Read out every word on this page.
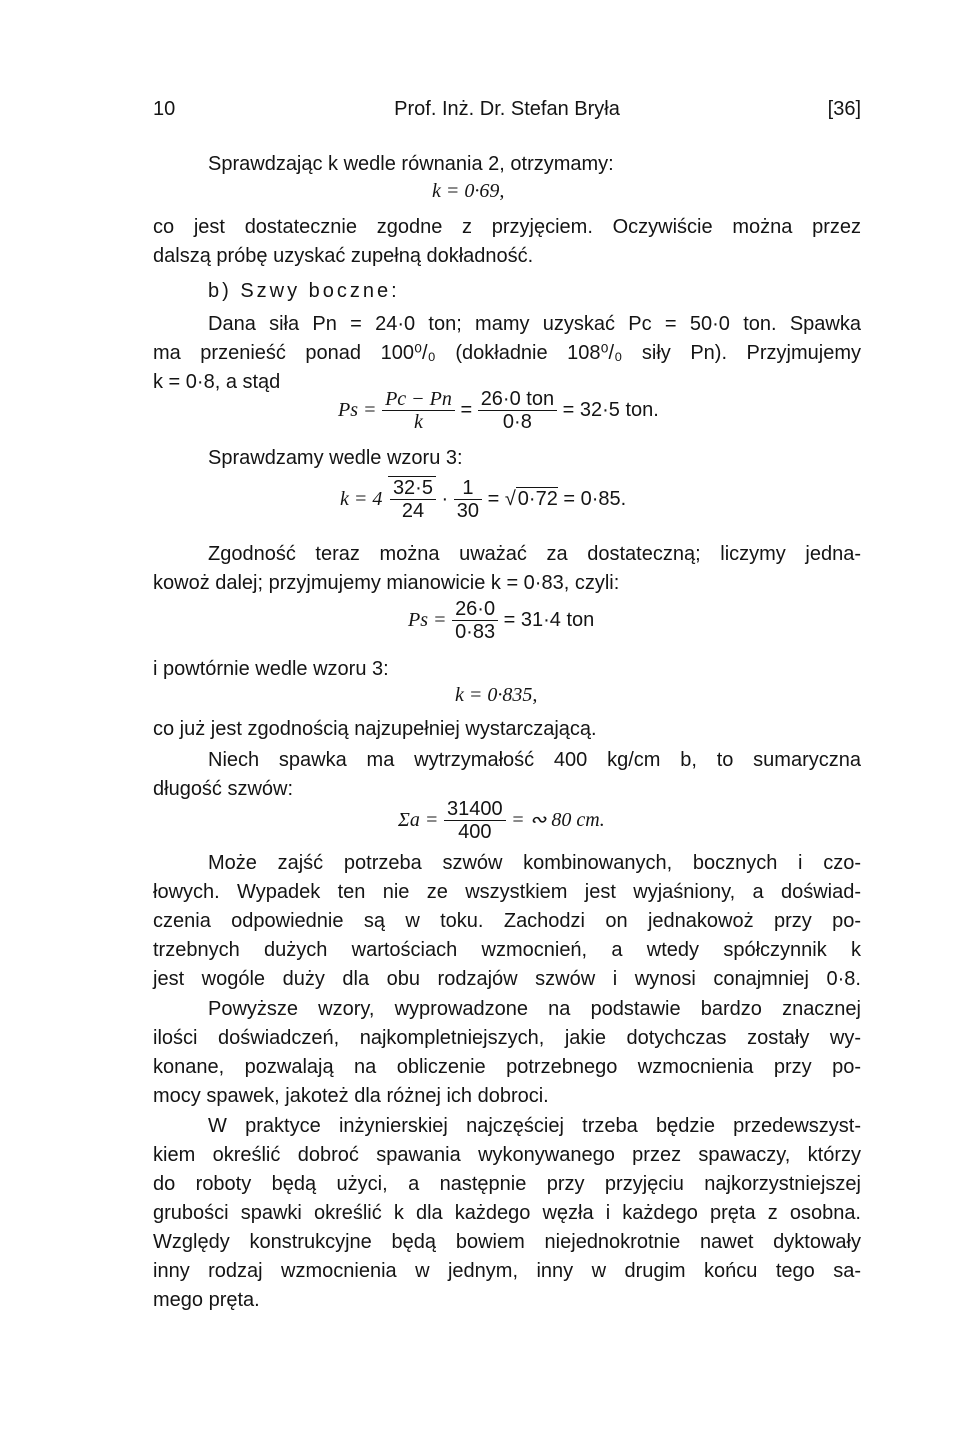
10	Prof. Inż. Dr. Stefan Bryła	[36]
Sprawdzając k wedle równania 2, otrzymamy:
k = 0·69,
co jest dostatecznie zgodne z przyjęciem. Oczywiście można przez
dalszą próbę uzyskać zupełną dokładność.
b) Szwy boczne:
Dana siła Pn = 24·0 ton; mamy uzyskać Pc = 50·0 ton. Spawka
ma przenieść ponad 100⁰/₀ (dokładnie 108⁰/₀ siły Pn). Przyjmujemy
k = 0·8, a stąd
$Ps = \frac{Pc - Pn}{k} = \frac{\text{26·0 ton}}{0\cdot 8} = 32\cdot 5$ ton.
Sprawdzamy wedle wzoru 3:
$k = 4 \frac{32\cdot 5}{24} \cdot \frac{1}{30}$ = √ 0·72 = 0·85.
Zgodność teraz można uważać za dostateczną; liczymy jedna-
kowoż dalej; przyjmujemy mianowicie k = 0·83, czyli:
$Ps = \frac{26\cdot 0}{0\cdot 83} = 31\cdot 4$ ton
i powtórnie wedle wzoru 3:
k = 0·835,
co już jest zgodnością najzupełniej wystarczającą.
Niech spawka ma wytrzymałość 400 kg/cm b, to sumaryczna
długość szwów:
$\Sigma a = \frac{31400}{400}$ = ∾ 80 cm.
Może zajść potrzeba szwów kombinowanych, bocznych i czo-
łowych. Wypadek ten nie ze wszystkiem jest wyjaśniony, a doświad-
czenia odpowiednie są w toku. Zachodzi on jednakowoż przy po-
trzebnych dużych wartościach wzmocnień, a wtedy spółczynnik k
jest wogóle duży dla obu rodzajów szwów i wynosi conajmniej 0·8.
Powyższe wzory, wyprowadzone na podstawie bardzo znacznej
ilości doświadczeń, najkompletniejszych, jakie dotychczas zostały wy-
konane, pozwalają na obliczenie potrzebnego wzmocnienia przy po-
mocy spawek, jakoteż dla różnej ich dobroci.
W praktyce inżynierskiej najczęściej trzeba będzie przedewszyst-
kiem określić dobroć spawania wykonywanego przez spawaczy, którzy
do roboty będą użyci, a następnie przy przyjęciu najkorzystniejszej
grubości spawki określić k dla każdego węzła i każdego pręta z osobna.
Względy konstrukcyjne będą bowiem niejednokrotnie nawet dyktowały
inny rodzaj wzmocnienia w jednym, inny w drugim końcu tego sa-
mego pręta.
